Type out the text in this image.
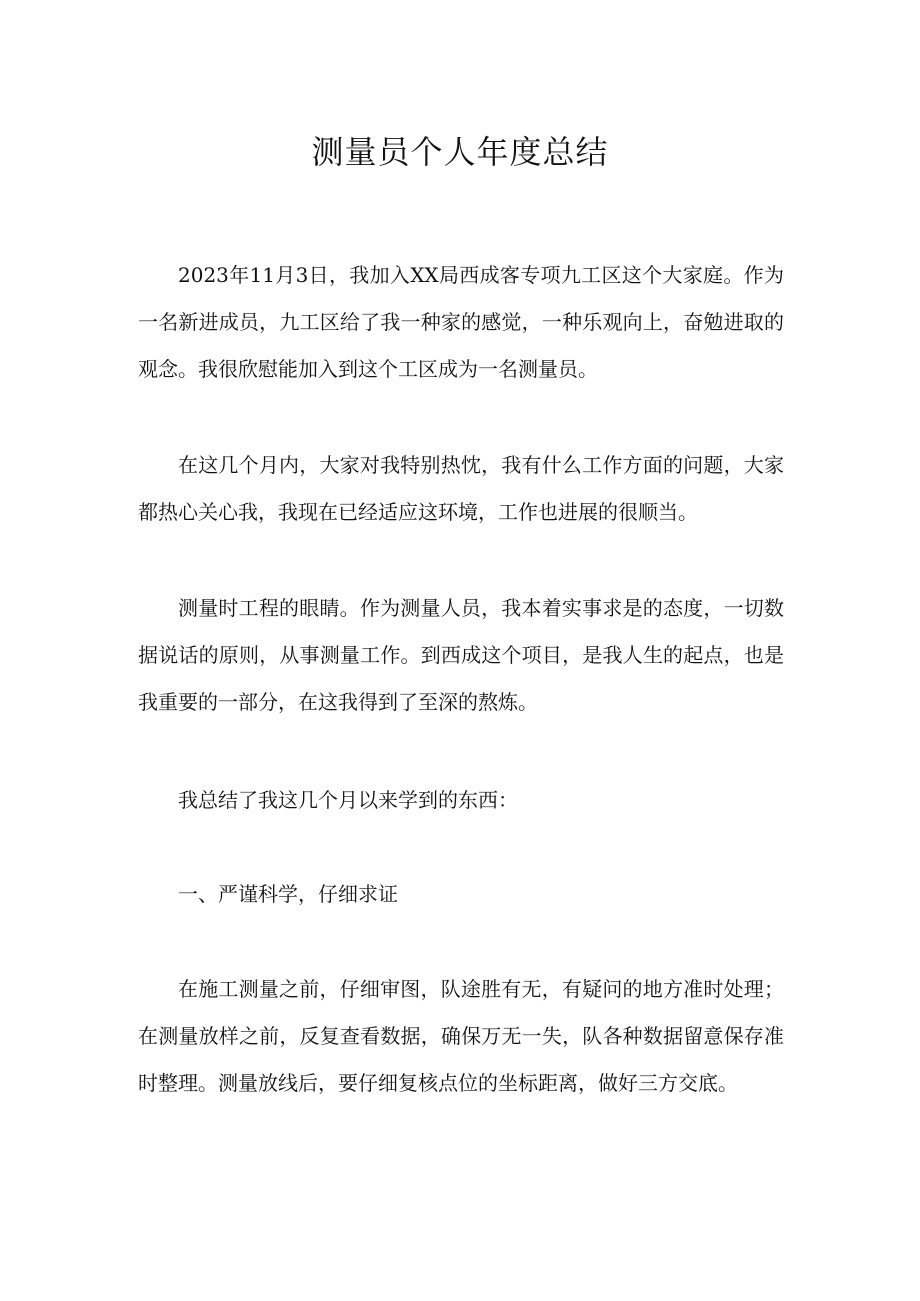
测量员个人年度总结

2023年11月3日，我加入XX局西成客专项九工区这个大家庭。作为一名新进成员，九工区给了我一种家的感觉，一种乐观向上，奋勉进取的观念。我很欣慰能加入到这个工区成为一名测量员。

在这几个月内，大家对我特别热忱，我有什么工作方面的问题，大家都热心关心我，我现在已经适应这环境，工作也进展的很顺当。

测量时工程的眼睛。作为测量人员，我本着实事求是的态度，一切数据说话的原则，从事测量工作。到西成这个项目，是我人生的起点，也是我重要的一部分，在这我得到了至深的熬炼。

我总结了我这几个月以来学到的东西：

一、严谨科学，仔细求证

在施工测量之前，仔细审图，队途胜有无，有疑问的地方准时处理；在测量放样之前，反复查看数据，确保万无一失，队各种数据留意保存准时整理。测量放线后，要仔细复核点位的坐标距离，做好三方交底。
